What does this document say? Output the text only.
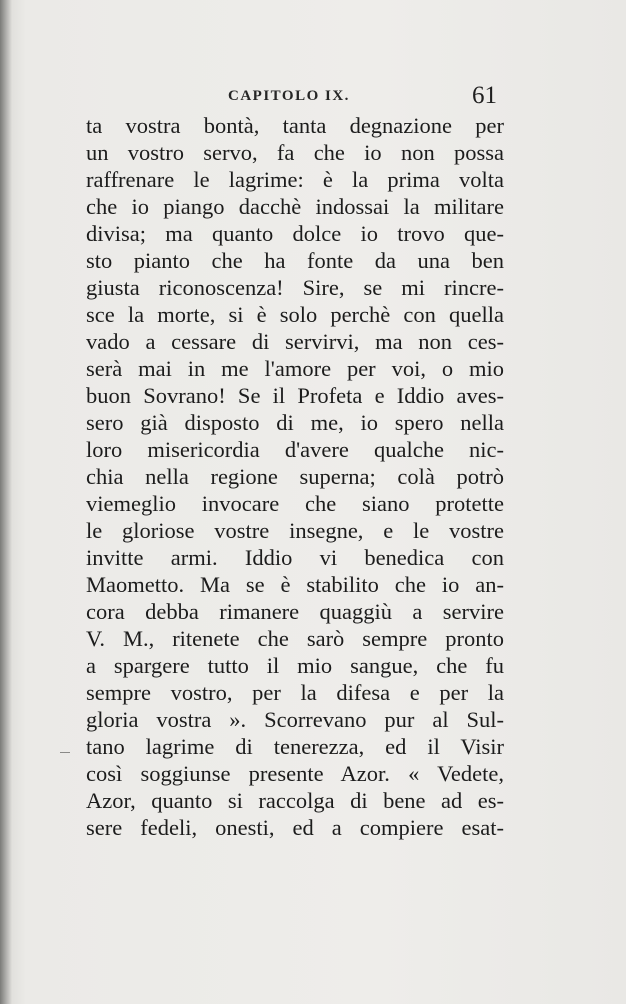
CAPITOLO IX.	61
ta vostra bontà, tanta degnazione per
un vostro servo, fa che io non possa
raffrenare le lagrime: è la prima volta
che io piango dacchè indossai la militare
divisa; ma quanto dolce io trovo que-
sto pianto che ha fonte da una ben
giusta riconoscenza! Sire, se mi rincre-
sce la morte, si è solo perchè con quella
vado a cessare di servirvi, ma non ces-
serà mai in me l'amore per voi, o mio
buon Sovrano! Se il Profeta e Iddio aves-
sero già disposto di me, io spero nella
loro misericordia d'avere qualche nic-
chia nella regione superna; colà potrò
viemeglio invocare che siano protette
le gloriose vostre insegne, e le vostre
invitte armi. Iddio vi benedica con
Maometto. Ma se è stabilito che io an-
cora debba rimanere quaggiù a servire
V. M., ritenete che sarò sempre pronto
a spargere tutto il mio sangue, che fu
sempre vostro, per la difesa e per la
gloria vostra ». Scorrevano pur al Sul-
tano lagrime di tenerezza, ed il Visir
così soggiunse presente Azor. « Vedete,
Azor, quanto si raccolga di bene ad es-
sere fedeli, onesti, ed a compiere esat-
